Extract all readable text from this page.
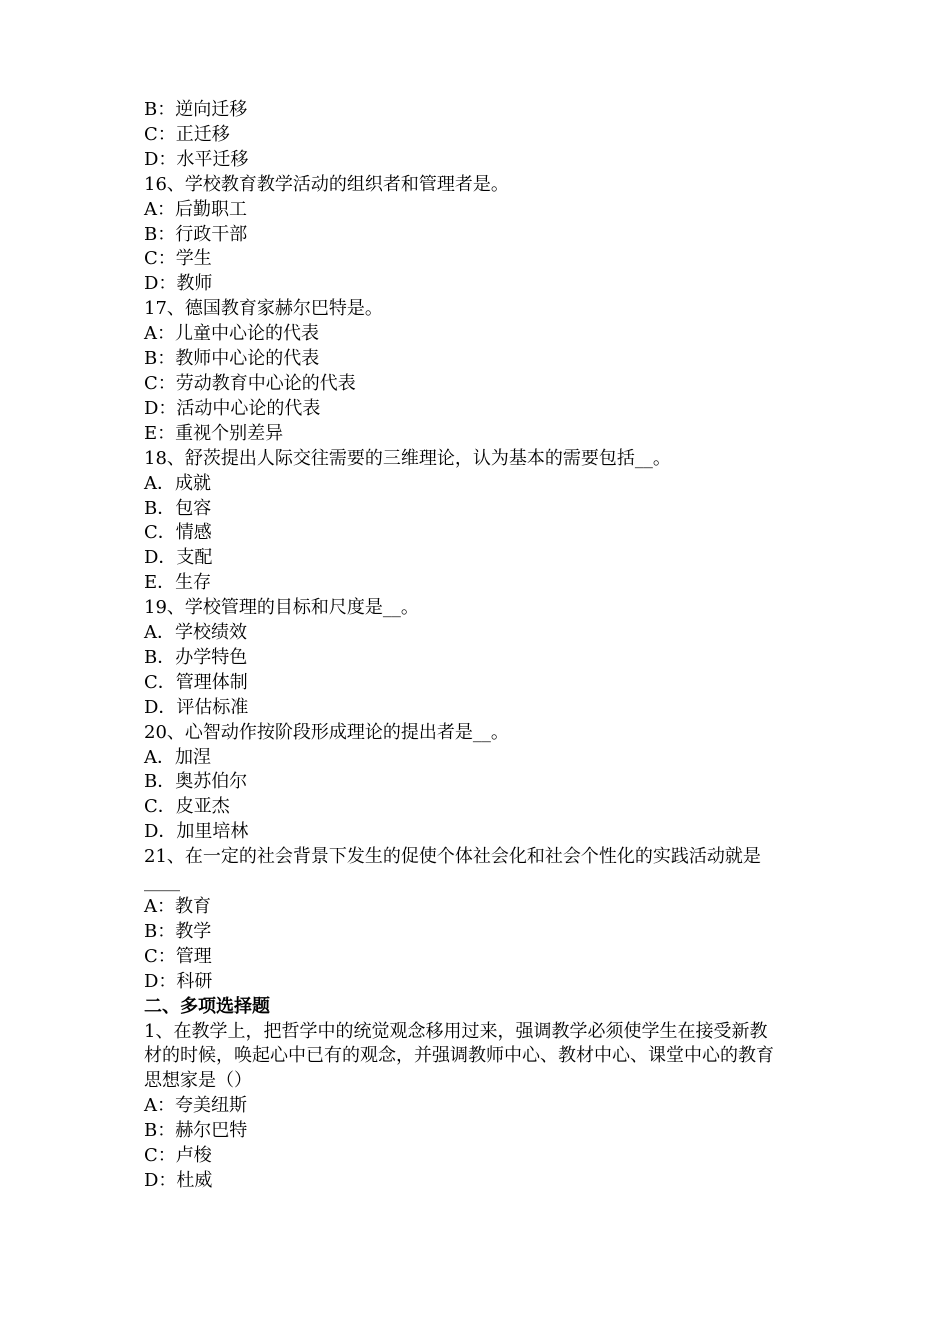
B：逆向迁移
C：正迁移
D：水平迁移
16、学校教育教学活动的组织者和管理者是。
A：后勤职工
B：行政干部
C：学生
D：教师
17、德国教育家赫尔巴特是。
A：儿童中心论的代表
B：教师中心论的代表
C：劳动教育中心论的代表
D：活动中心论的代表
E：重视个别差异
18、舒茨提出人际交往需要的三维理论，认为基本的需要包括__。
A．成就
B．包容
C．情感
D．支配
E．生存
19、学校管理的目标和尺度是__。
A．学校绩效
B．办学特色
C．管理体制
D．评估标准
20、心智动作按阶段形成理论的提出者是__。
A．加涅
B．奥苏伯尔
C．皮亚杰
D．加里培林
21、在一定的社会背景下发生的促使个体社会化和社会个性化的实践活动就是
____
A：教育
B：教学
C：管理
D：科研
二、多项选择题
1、在教学上，把哲学中的统觉观念移用过来，强调教学必须使学生在接受新教
材的时候，唤起心中已有的观念，并强调教师中心、教材中心、课堂中心的教育
思想家是（）
A：夸美纽斯
B：赫尔巴特
C：卢梭
D：杜威
